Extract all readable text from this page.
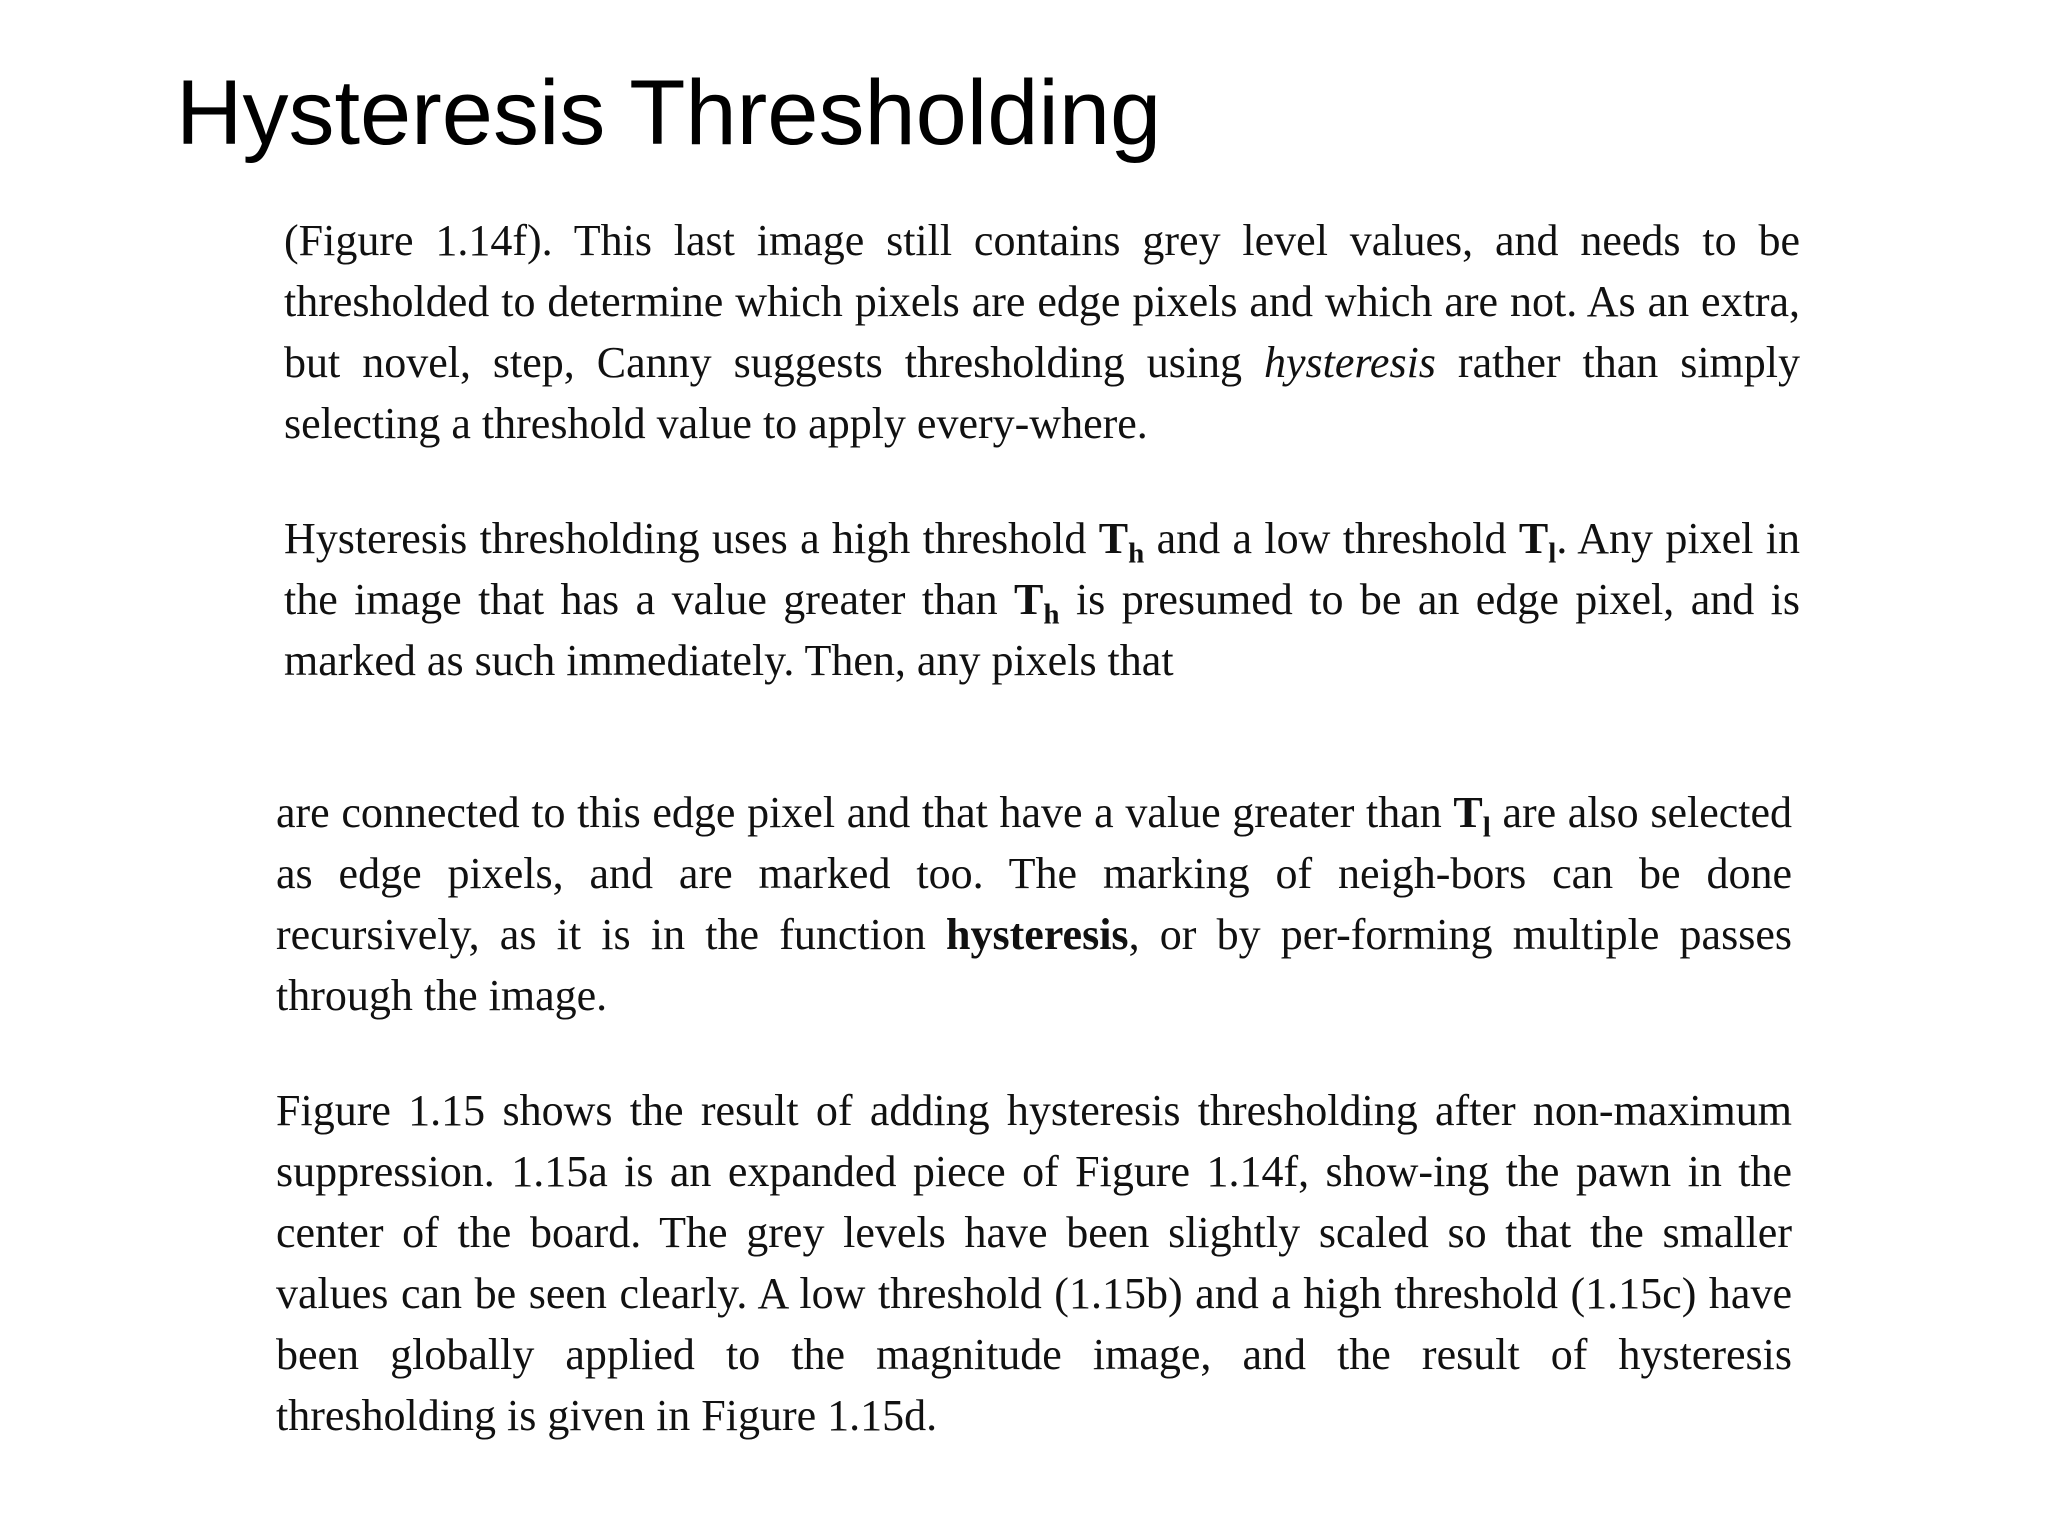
Hysteresis Thresholding

(Figure 1.14f). This last image still contains grey level values, and needs to be thresholded to determine which pixels are edge pixels and which are not. As an extra, but novel, step, Canny suggests thresholding using hysteresis rather than simply selecting a threshold value to apply every-where.

Hysteresis thresholding uses a high threshold $T_h$ and a low threshold $T_l$. Any pixel in the image that has a value greater than $T_h$ is presumed to be an edge pixel, and is marked as such immediately. Then, any pixels that

are connected to this edge pixel and that have a value greater than $T_l$ are also selected as edge pixels, and are marked too. The marking of neigh-bors can be done recursively, as it is in the function hysteresis, or by per-forming multiple passes through the image.

Figure 1.15 shows the result of adding hysteresis thresholding after non-maximum suppression. 1.15a is an expanded piece of Figure 1.14f, show-ing the pawn in the center of the board. The grey levels have been slightly scaled so that the smaller values can be seen clearly. A low threshold (1.15b) and a high threshold (1.15c) have been globally applied to the magnitude image, and the result of hysteresis thresholding is given in Figure 1.15d.
